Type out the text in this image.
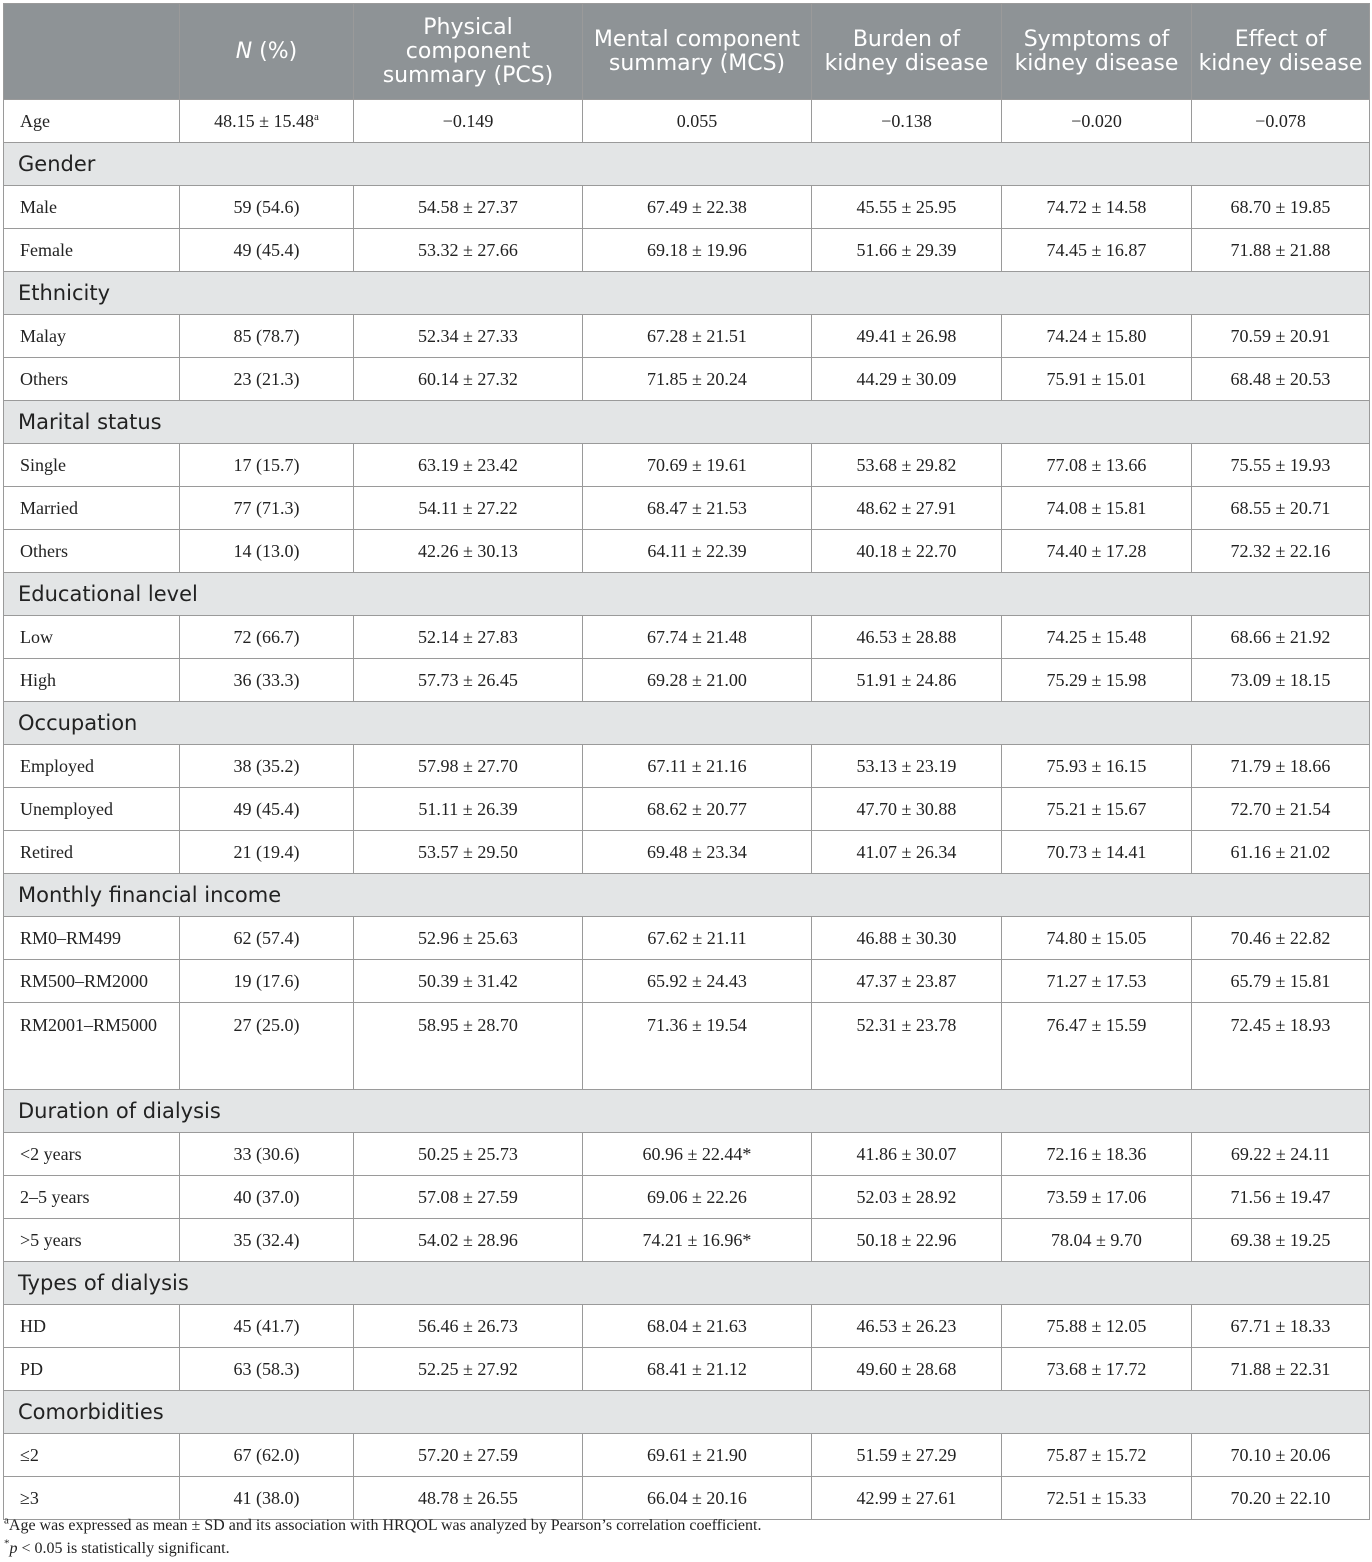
	N (%)	Physical component summary (PCS)	Mental component summary (MCS)	Burden of kidney disease	Symptoms of kidney disease	Effect of kidney disease
Age	48.15 ± 15.48$^a$	−0.149	0.055	−0.138	−0.020	−0.078
Gender						
Male	59 (54.6)	54.58 ± 27.37	67.49 ± 22.38	45.55 ± 25.95	74.72 ± 14.58	68.70 ± 19.85
Female	49 (45.4)	53.32 ± 27.66	69.18 ± 19.96	51.66 ± 29.39	74.45 ± 16.87	71.88 ± 21.88
Ethnicity						
Malay	85 (78.7)	52.34 ± 27.33	67.28 ± 21.51	49.41 ± 26.98	74.24 ± 15.80	70.59 ± 20.91
Others	23 (21.3)	60.14 ± 27.32	71.85 ± 20.24	44.29 ± 30.09	75.91 ± 15.01	68.48 ± 20.53
Marital status						
Single	17 (15.7)	63.19 ± 23.42	70.69 ± 19.61	53.68 ± 29.82	77.08 ± 13.66	75.55 ± 19.93
Married	77 (71.3)	54.11 ± 27.22	68.47 ± 21.53	48.62 ± 27.91	74.08 ± 15.81	68.55 ± 20.71
Others	14 (13.0)	42.26 ± 30.13	64.11 ± 22.39	40.18 ± 22.70	74.40 ± 17.28	72.32 ± 22.16
Educational level						
Low	72 (66.7)	52.14 ± 27.83	67.74 ± 21.48	46.53 ± 28.88	74.25 ± 15.48	68.66 ± 21.92
High	36 (33.3)	57.73 ± 26.45	69.28 ± 21.00	51.91 ± 24.86	75.29 ± 15.98	73.09 ± 18.15
Occupation						
Employed	38 (35.2)	57.98 ± 27.70	67.11 ± 21.16	53.13 ± 23.19	75.93 ± 16.15	71.79 ± 18.66
Unemployed	49 (45.4)	51.11 ± 26.39	68.62 ± 20.77	47.70 ± 30.88	75.21 ± 15.67	72.70 ± 21.54
Retired	21 (19.4)	53.57 ± 29.50	69.48 ± 23.34	41.07 ± 26.34	70.73 ± 14.41	61.16 ± 21.02
Monthly financial income						
RM0–RM499	62 (57.4)	52.96 ± 25.63	67.62 ± 21.11	46.88 ± 30.30	74.80 ± 15.05	70.46 ± 22.82
RM500–RM2000	19 (17.6)	50.39 ± 31.42	65.92 ± 24.43	47.37 ± 23.87	71.27 ± 17.53	65.79 ± 15.81
RM2001–RM5000	27 (25.0)	58.95 ± 28.70	71.36 ± 19.54	52.31 ± 23.78	76.47 ± 15.59	72.45 ± 18.93
Duration of dialysis						
<2 years	33 (30.6)	50.25 ± 25.73	60.96 ± 22.44*	41.86 ± 30.07	72.16 ± 18.36	69.22 ± 24.11
2–5 years	40 (37.0)	57.08 ± 27.59	69.06 ± 22.26	52.03 ± 28.92	73.59 ± 17.06	71.56 ± 19.47
>5 years	35 (32.4)	54.02 ± 28.96	74.21 ± 16.96*	50.18 ± 22.96	78.04 ± 9.70	69.38 ± 19.25
Types of dialysis						
HD	45 (41.7)	56.46 ± 26.73	68.04 ± 21.63	46.53 ± 26.23	75.88 ± 12.05	67.71 ± 18.33
PD	63 (58.3)	52.25 ± 27.92	68.41 ± 21.12	49.60 ± 28.68	73.68 ± 17.72	71.88 ± 22.31
Comorbidities						
≤2	67 (62.0)	57.20 ± 27.59	69.61 ± 21.90	51.59 ± 27.29	75.87 ± 15.72	70.10 ± 20.06
≥3	41 (38.0)	48.78 ± 26.55	66.04 ± 20.16	42.99 ± 27.61	72.51 ± 15.33	70.20 ± 22.10
$^a$Age was expressed as mean ± SD and its association with HRQOL was analyzed by Pearson’s correlation coefficient.
*p < 0.05 is statistically significant.
